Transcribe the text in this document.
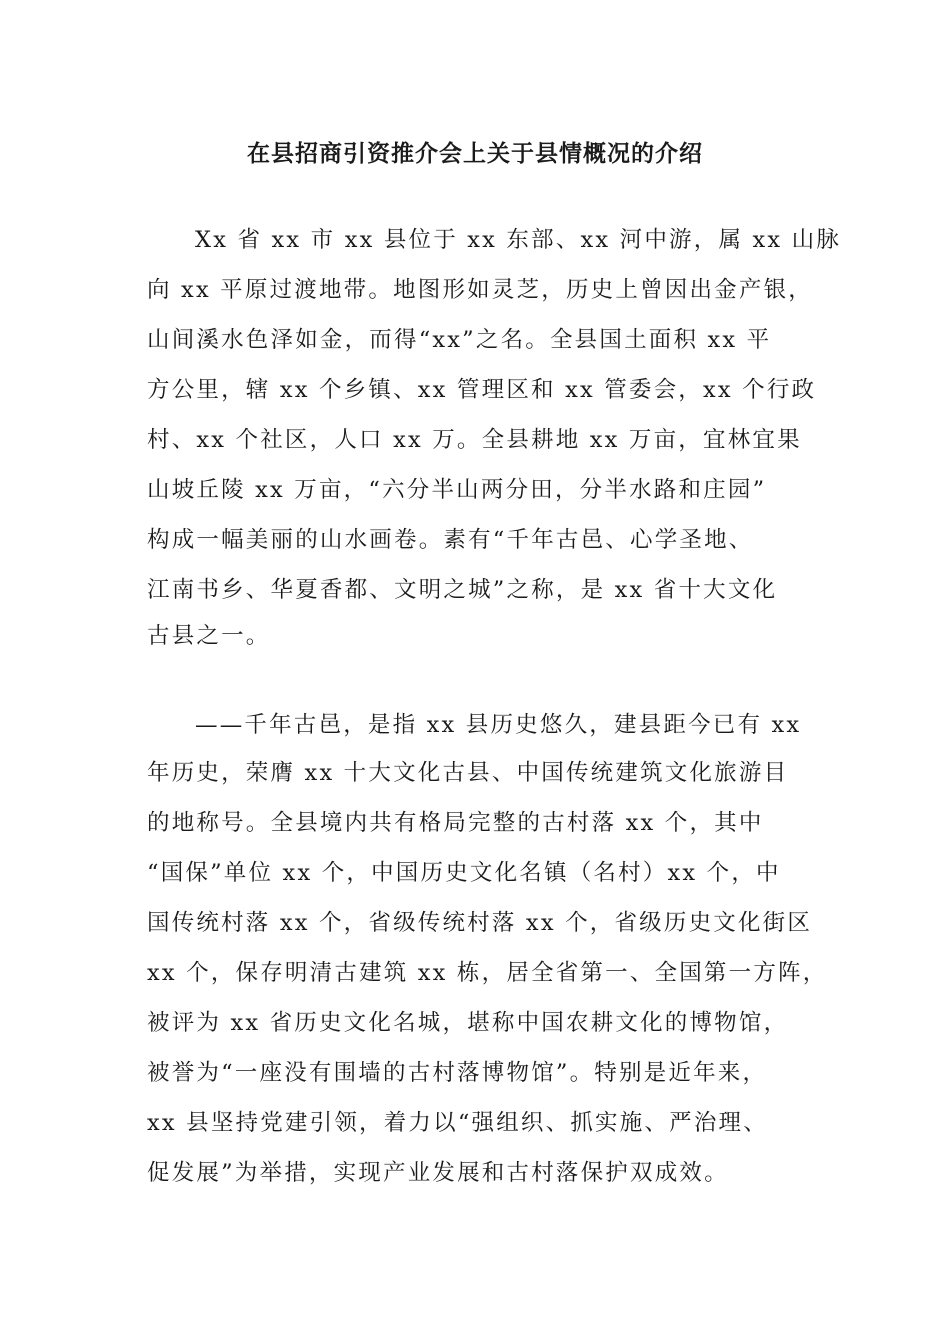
在县招商引资推介会上关于县情概况的介绍
Xx 省 xx 市 xx 县位于 xx 东部、xx 河中游，属 xx 山脉
向 xx 平原过渡地带。地图形如灵芝，历史上曾因出金产银，
山间溪水色泽如金，而得“xx”之名。全县国土面积 xx 平
方公里，辖 xx 个乡镇、xx 管理区和 xx 管委会，xx 个行政
村、xx 个社区，人口 xx 万。全县耕地 xx 万亩，宜林宜果
山坡丘陵 xx 万亩，“六分半山两分田，分半水路和庄园”
构成一幅美丽的山水画卷。素有“千年古邑、心学圣地、
江南书乡、华夏香都、文明之城”之称，是 xx 省十大文化
古县之一。
——千年古邑，是指 xx 县历史悠久，建县距今已有 xx
年历史，荣膺 xx 十大文化古县、中国传统建筑文化旅游目
的地称号。全县境内共有格局完整的古村落 xx 个，其中
“国保”单位 xx 个，中国历史文化名镇（名村）xx 个，中
国传统村落 xx 个，省级传统村落 xx 个，省级历史文化街区
xx 个，保存明清古建筑 xx 栋，居全省第一、全国第一方阵，
被评为 xx 省历史文化名城，堪称中国农耕文化的博物馆，
被誉为“一座没有围墙的古村落博物馆”。特别是近年来，
xx 县坚持党建引领，着力以“强组织、抓实施、严治理、
促发展”为举措，实现产业发展和古村落保护双成效。
